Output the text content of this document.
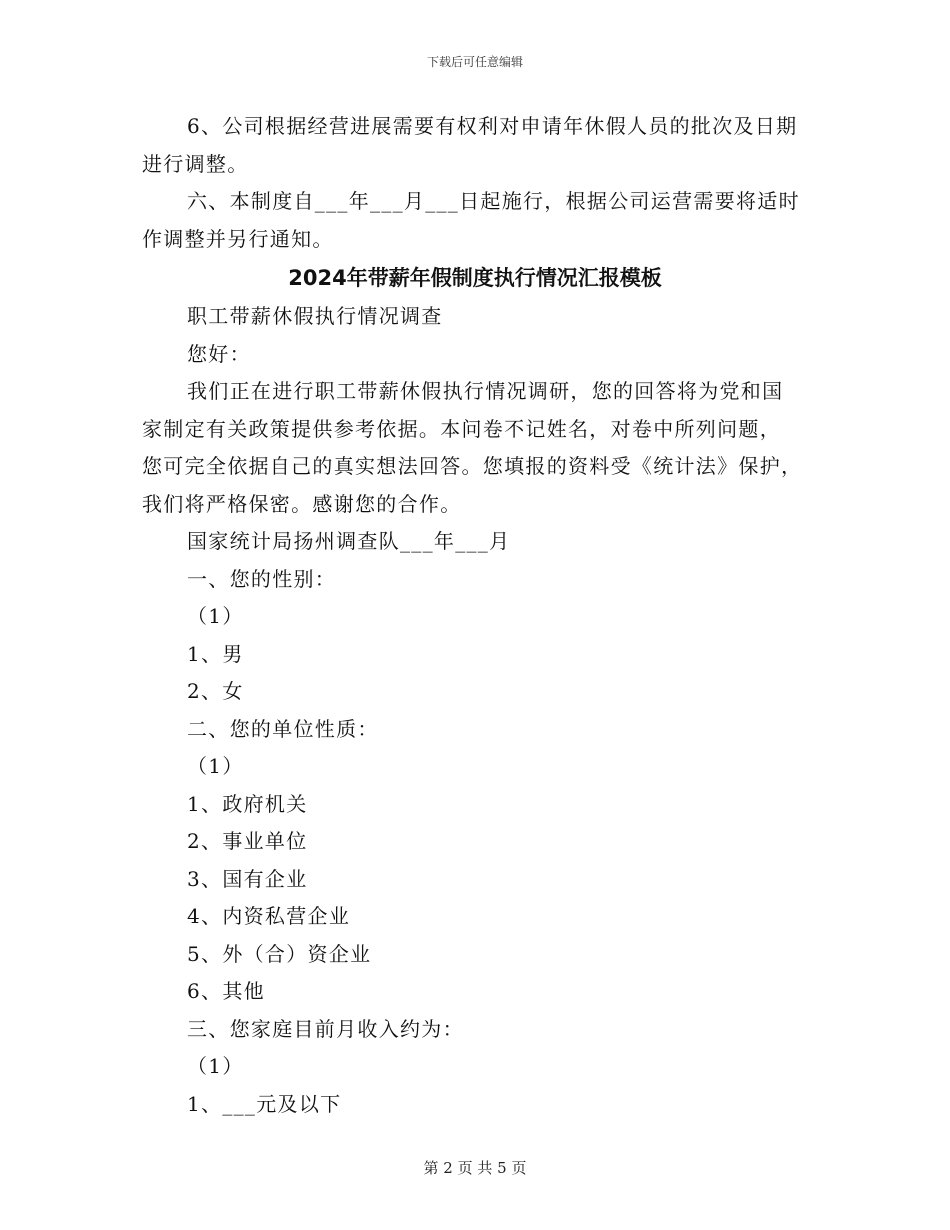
下载后可任意编辑

6、公司根据经营进展需要有权利对申请年休假人员的批次及日期

进行调整。

六、本制度自___年___月___日起施行，根据公司运营需要将适时

作调整并另行通知。

2024年带薪年假制度执行情况汇报模板

职工带薪休假执行情况调查

您好：

我们正在进行职工带薪休假执行情况调研，您的回答将为党和国

家制定有关政策提供参考依据。本问卷不记姓名，对卷中所列问题，

您可完全依据自己的真实想法回答。您填报的资料受《统计法》保护，

我们将严格保密。感谢您的合作。

国家统计局扬州调查队___年___月

一、您的性别：

（1）

1、男

2、女

二、您的单位性质：

（1）

1、政府机关

2、事业单位

3、国有企业

4、内资私营企业

5、外（合）资企业

6、其他

三、您家庭目前月收入约为：

（1）

1、___元及以下

第 2 页 共 5 页
